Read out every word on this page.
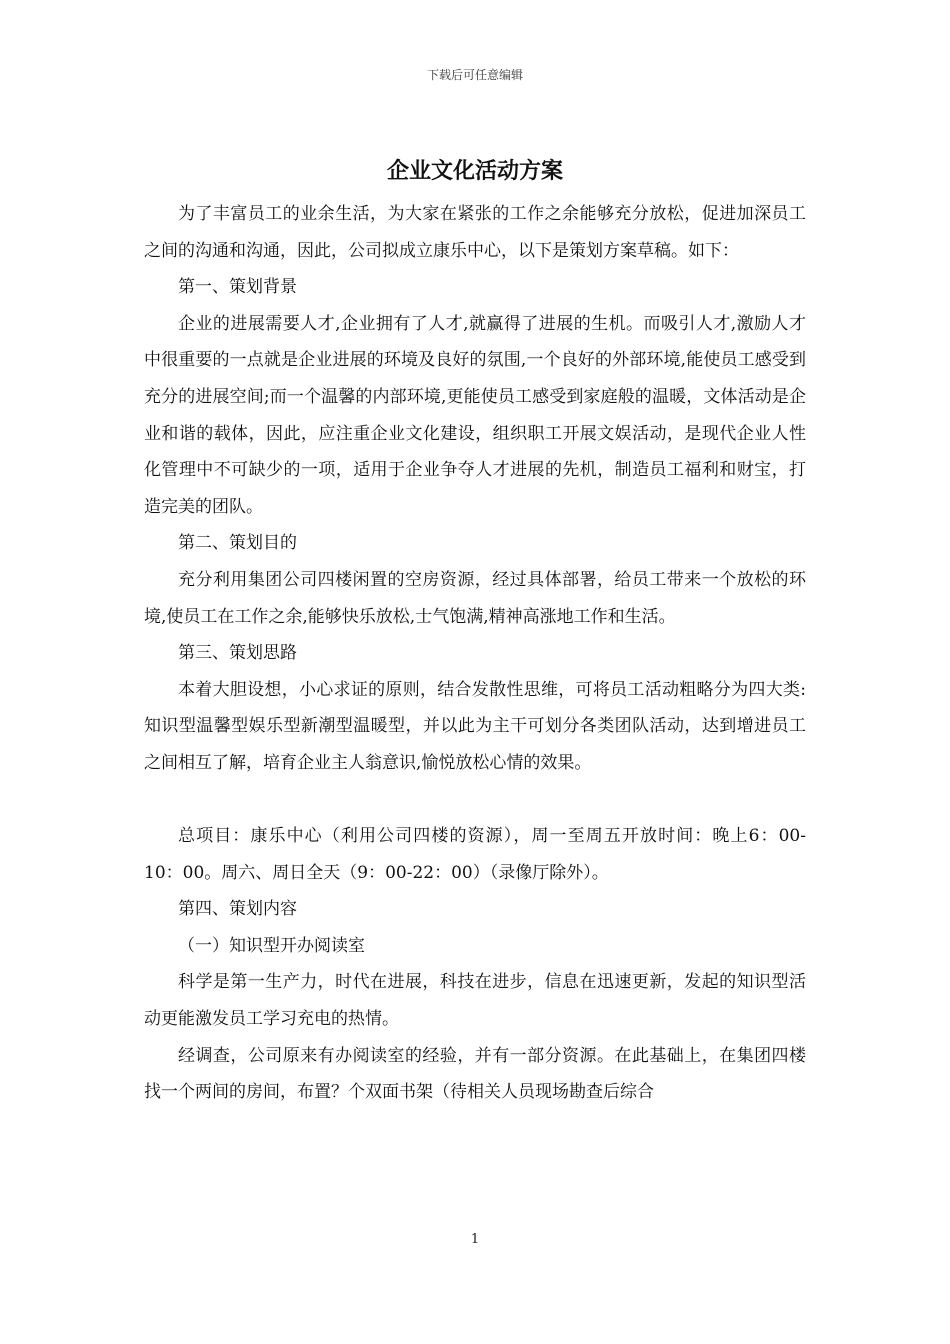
下载后可任意编辑
企业文化活动方案

为了丰富员工的业余生活，为大家在紧张的工作之余能够充分放松，促进加深员工之间的沟通和沟通，因此，公司拟成立康乐中心，以下是策划方案草稿。如下：

第一、策划背景

企业的进展需要人才,企业拥有了人才,就赢得了进展的生机。而吸引人才,激励人才中很重要的一点就是企业进展的环境及良好的氛围,一个良好的外部环境,能使员工感受到充分的进展空间;而一个温馨的内部环境,更能使员工感受到家庭般的温暖，文体活动是企业和谐的载体，因此，应注重企业文化建设，组织职工开展文娱活动，是现代企业人性化管理中不可缺少的一项，适用于企业争夺人才进展的先机，制造员工福利和财宝，打造完美的团队。

第二、策划目的

充分利用集团公司四楼闲置的空房资源，经过具体部署，给员工带来一个放松的环境,使员工在工作之余,能够快乐放松,士气饱满,精神高涨地工作和生活。

第三、策划思路

本着大胆设想，小心求证的原则，结合发散性思维，可将员工活动粗略分为四大类:知识型温馨型娱乐型新潮型温暖型，并以此为主干可划分各类团队活动，达到增进员工之间相互了解，培育企业主人翁意识,愉悦放松心情的效果。

总项目：康乐中心（利用公司四楼的资源），周一至周五开放时间：晚上6：00-10：00。周六、周日全天（9：00-22：00）（录像厅除外）。

第四、策划内容

（一）知识型开办阅读室

科学是第一生产力，时代在进展，科技在进步，信息在迅速更新，发起的知识型活动更能激发员工学习充电的热情。

经调查，公司原来有办阅读室的经验，并有一部分资源。在此基础上，在集团四楼找一个两间的房间，布置？个双面书架（待相关人员现场勘查后综合

1
